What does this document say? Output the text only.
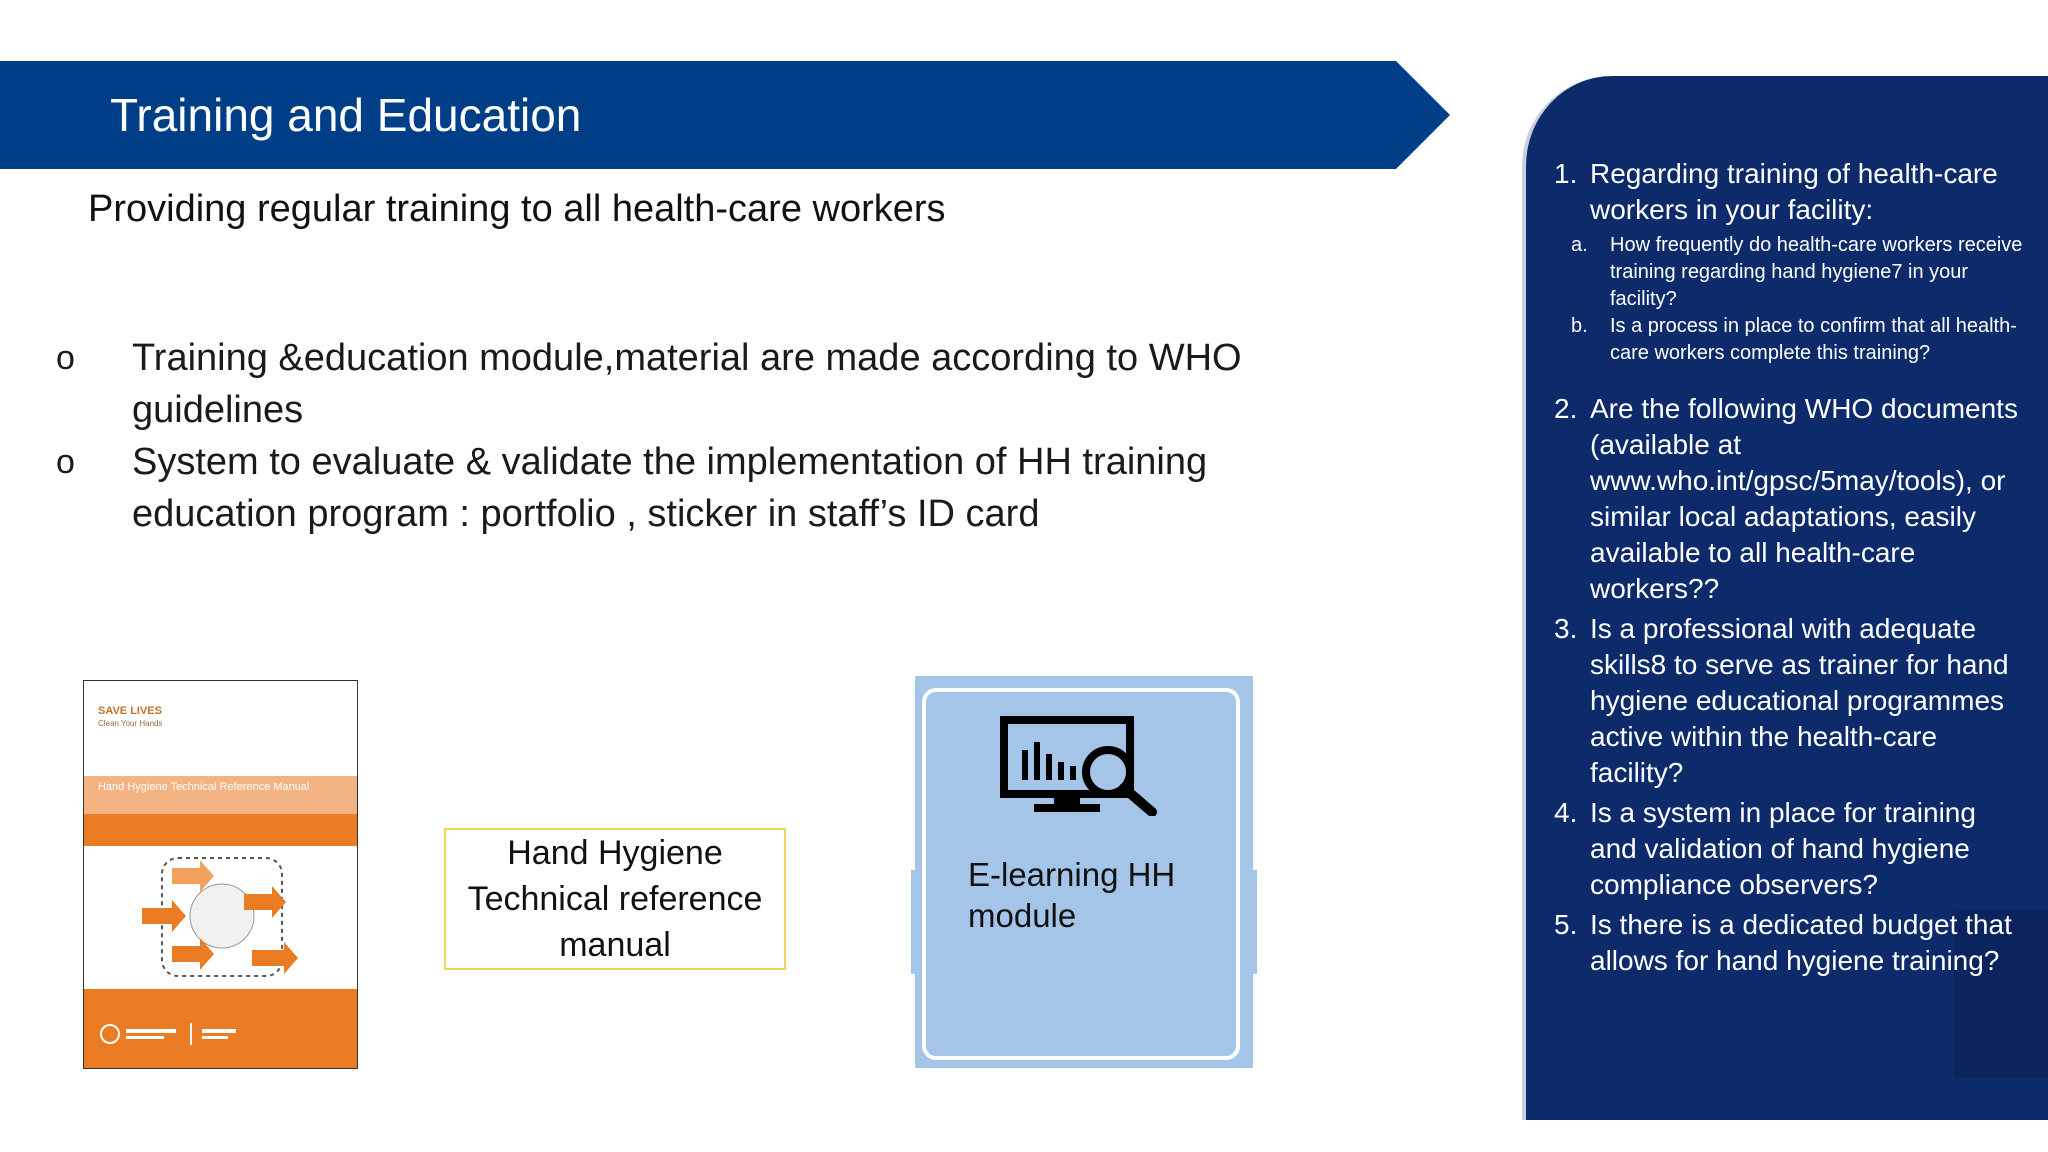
Training and Education
Providing regular training to all health-care workers
o Training &education module,material are made according to WHO guidelines
o System to evaluate & validate the implementation of HH training education program : portfolio , sticker in staff’s ID card
SAVE LIVES
Clean Your Hands
Hand Hygiene Technical Reference Manual
Hand Hygiene Technical reference manual
E-learning HH module
1. Regarding training of health-care workers in your facility:
a. How frequently do health-care workers receive training regarding hand hygiene7 in your facility?
b. Is a process in place to confirm that all health-care workers complete this training?
2. Are the following WHO documents (available at www.who.int/gpsc/5may/tools), or similar local adaptations, easily available to all health-care workers??
3. Is a professional with adequate skills8 to serve as trainer for hand hygiene educational programmes active within the health-care facility?
4. Is a system in place for training and validation of hand hygiene compliance observers?
5. Is there is a dedicated budget that allows for hand hygiene training?
